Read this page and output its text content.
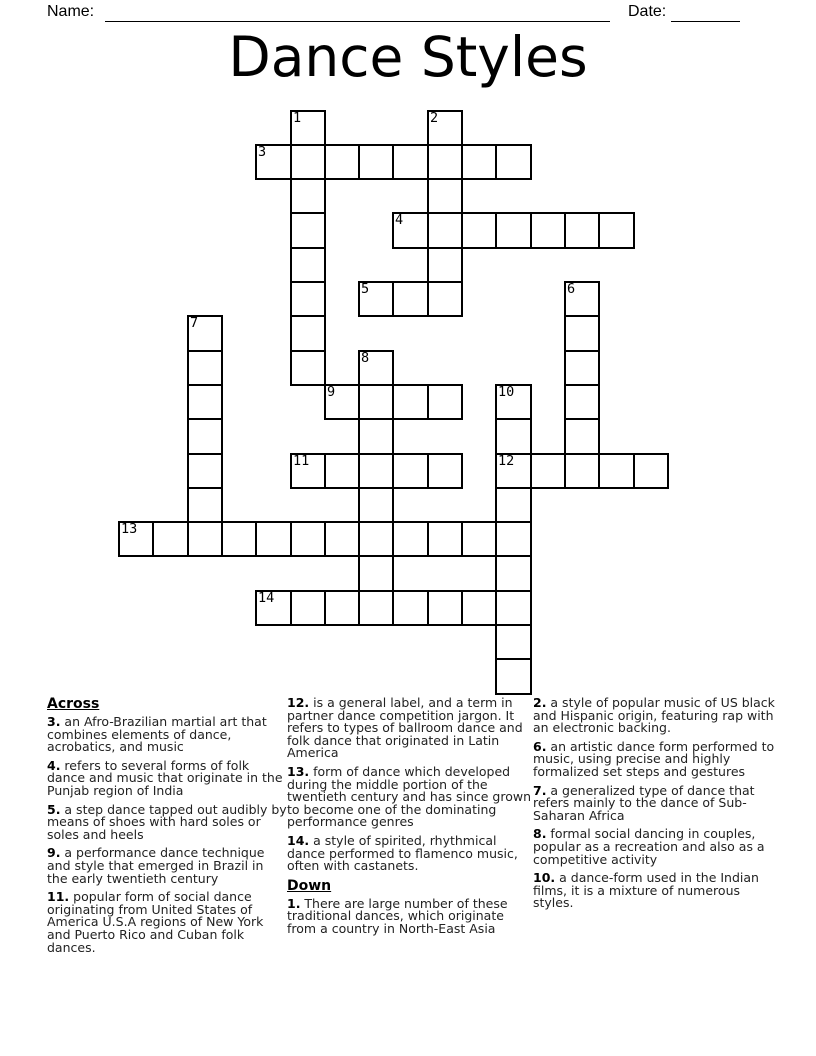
Name:	Date:
Dance Styles
1	2
3
4
5	6
7
8
9	10
11	12
13
14
Across
3. an Afro-Brazilian martial art that combines elements of dance, acrobatics, and music
4. refers to several forms of folk dance and music that originate in the Punjab region of India
5. a step dance tapped out audibly by means of shoes with hard soles or soles and heels
9. a performance dance technique and style that emerged in Brazil in the early twentieth century
11. popular form of social dance originating from United States of America U.S.A regions of New York and Puerto Rico and Cuban folk dances.
12. is a general label, and a term in partner dance competition jargon. It refers to types of ballroom dance and folk dance that originated in Latin America
13. form of dance which developed during the middle portion of the twentieth century and has since grown to become one of the dominating performance genres
14. a style of spirited, rhythmical dance performed to flamenco music, often with castanets.
Down
1. There are large number of these traditional dances, which originate from a country in North-East Asia
2. a style of popular music of US black and Hispanic origin, featuring rap with an electronic backing.
6. an artistic dance form performed to music, using precise and highly formalized set steps and gestures
7. a generalized type of dance that refers mainly to the dance of Sub-Saharan Africa
8. formal social dancing in couples, popular as a recreation and also as a competitive activity
10. a dance-form used in the Indian films, it is a mixture of numerous styles.
